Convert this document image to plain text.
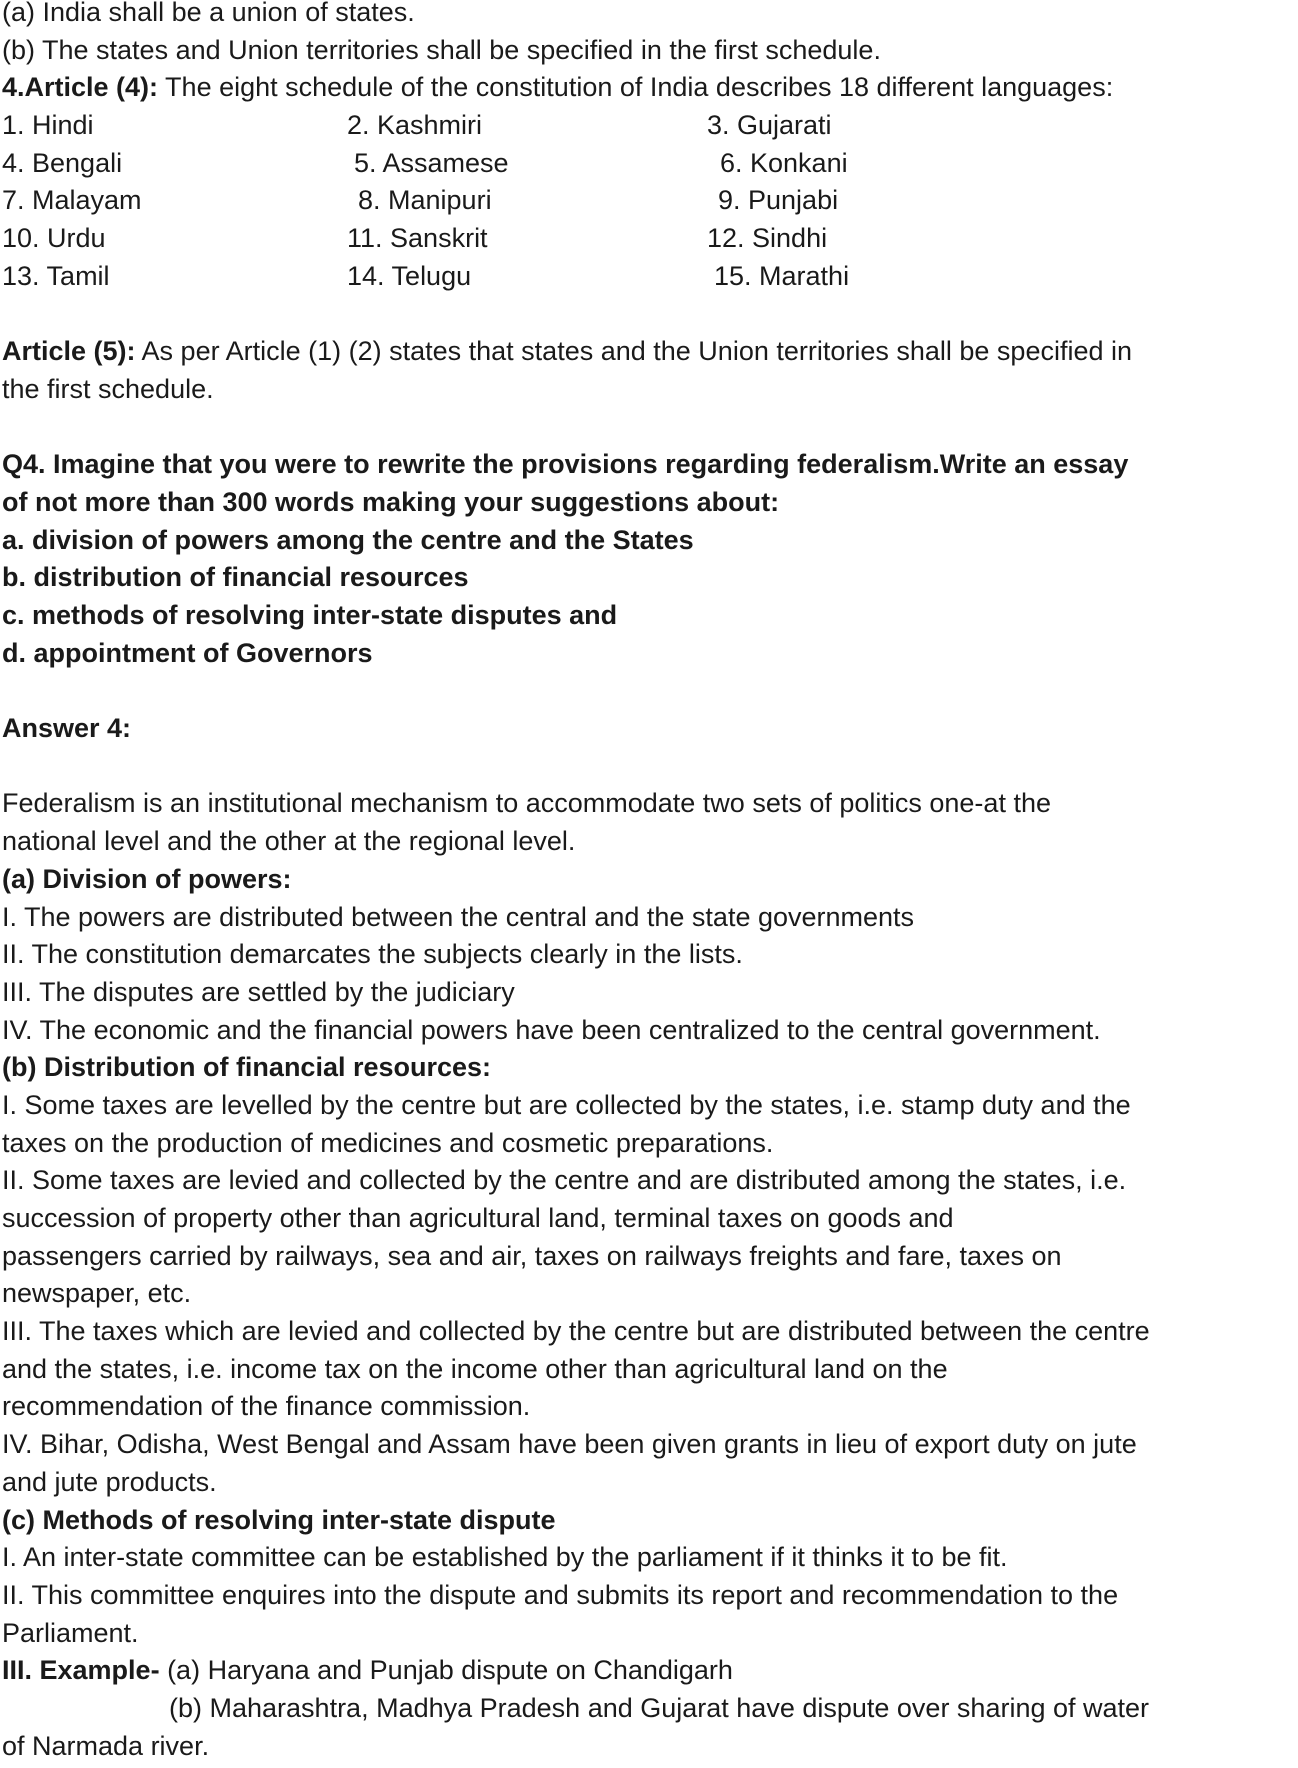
(a) India shall be a union of states.
(b) The states and Union territories shall be specified in the first schedule.
4.Article (4): The eight schedule of the constitution of India describes 18 different languages:
1. Hindi	2. Kashmiri	3. Gujarati
4. Bengali	5. Assamese	6. Konkani
7. Malayam	8. Manipuri	9. Punjabi
10. Urdu	11. Sanskrit	12. Sindhi
13. Tamil	14. Telugu	15. Marathi
Article (5): As per Article (1) (2) states that states and the Union territories shall be specified in
the first schedule.
Q4. Imagine that you were to rewrite the provisions regarding federalism.Write an essay
of not more than 300 words making your suggestions about:
a. division of powers among the centre and the States
b. distribution of financial resources
c. methods of resolving inter-state disputes and
d. appointment of Governors
Answer 4:
Federalism is an institutional mechanism to accommodate two sets of politics one-at the
national level and the other at the regional level.
(a) Division of powers:
I. The powers are distributed between the central and the state governments
II. The constitution demarcates the subjects clearly in the lists.
III. The disputes are settled by the judiciary
IV. The economic and the financial powers have been centralized to the central government.
(b) Distribution of financial resources:
I. Some taxes are levelled by the centre but are collected by the states, i.e. stamp duty and the
taxes on the production of medicines and cosmetic preparations.
II. Some taxes are levied and collected by the centre and are distributed among the states, i.e.
succession of property other than agricultural land, terminal taxes on goods and
passengers carried by railways, sea and air, taxes on railways freights and fare, taxes on
newspaper, etc.
III. The taxes which are levied and collected by the centre but are distributed between the centre
and the states, i.e. income tax on the income other than agricultural land on the
recommendation of the finance commission.
IV. Bihar, Odisha, West Bengal and Assam have been given grants in lieu of export duty on jute
and jute products.
(c) Methods of resolving inter-state dispute
I. An inter-state committee can be established by the parliament if it thinks it to be fit.
II. This committee enquires into the dispute and submits its report and recommendation to the
Parliament.
III. Example- (a) Haryana and Punjab dispute on Chandigarh
(b) Maharashtra, Madhya Pradesh and Gujarat have dispute over sharing of water
of Narmada river.
